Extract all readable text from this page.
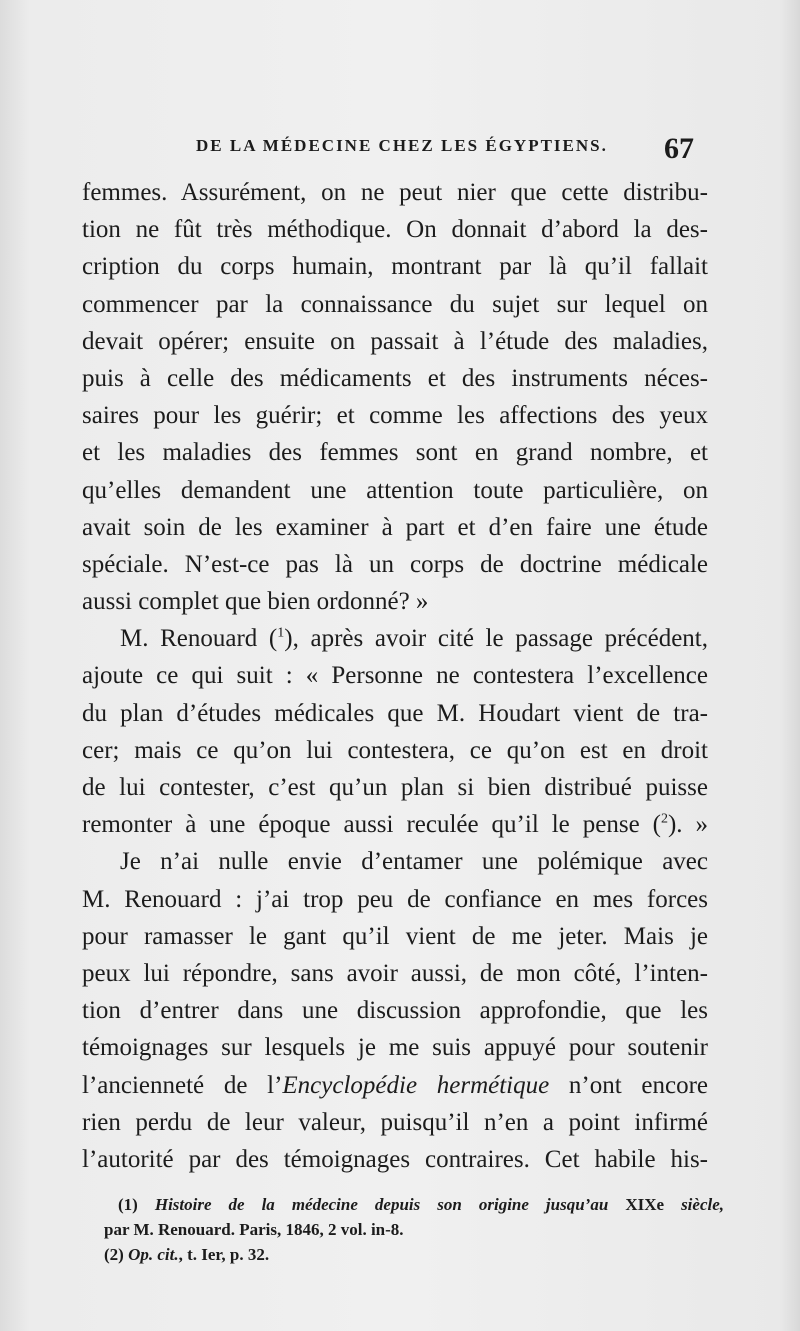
DE LA MÉDECINE CHEZ LES ÉGYPTIENS. 67
femmes. Assurément, on ne peut nier que cette distribu-
tion ne fût très méthodique. On donnait d’abord la des-
cription du corps humain, montrant par là qu’il fallait
commencer par la connaissance du sujet sur lequel on
devait opérer; ensuite on passait à l’étude des maladies,
puis à celle des médicaments et des instruments néces-
saires pour les guérir; et comme les affections des yeux
et les maladies des femmes sont en grand nombre, et
qu’elles demandent une attention toute particulière, on
avait soin de les examiner à part et d’en faire une étude
spéciale. N’est-ce pas là un corps de doctrine médicale
aussi complet que bien ordonné? »
M. Renouard ($^1$), après avoir cité le passage précédent,
ajoute ce qui suit : « Personne ne contestera l’excellence
du plan d’études médicales que M. Houdart vient de tra-
cer; mais ce qu’on lui contestera, ce qu’on est en droit
de lui contester, c’est qu’un plan si bien distribué puisse
remonter à une époque aussi reculée qu’il le pense ($^2$). »
Je n’ai nulle envie d’entamer une polémique avec
M. Renouard : j’ai trop peu de confiance en mes forces
pour ramasser le gant qu’il vient de me jeter. Mais je
peux lui répondre, sans avoir aussi, de mon côté, l’inten-
tion d’entrer dans une discussion approfondie, que les
témoignages sur lesquels je me suis appuyé pour soutenir
l’ancienneté de l’Encyclopédie hermétique n’ont encore
rien perdu de leur valeur, puisqu’il n’en a point infirmé
l’autorité par des témoignages contraires. Cet habile his-
(1) Histoire de la médecine depuis son origine jusqu’au XIXe siècle,
par M. Renouard. Paris, 1846, 2 vol. in-8.
(2) Op. cit., t. Ier, p. 32.
